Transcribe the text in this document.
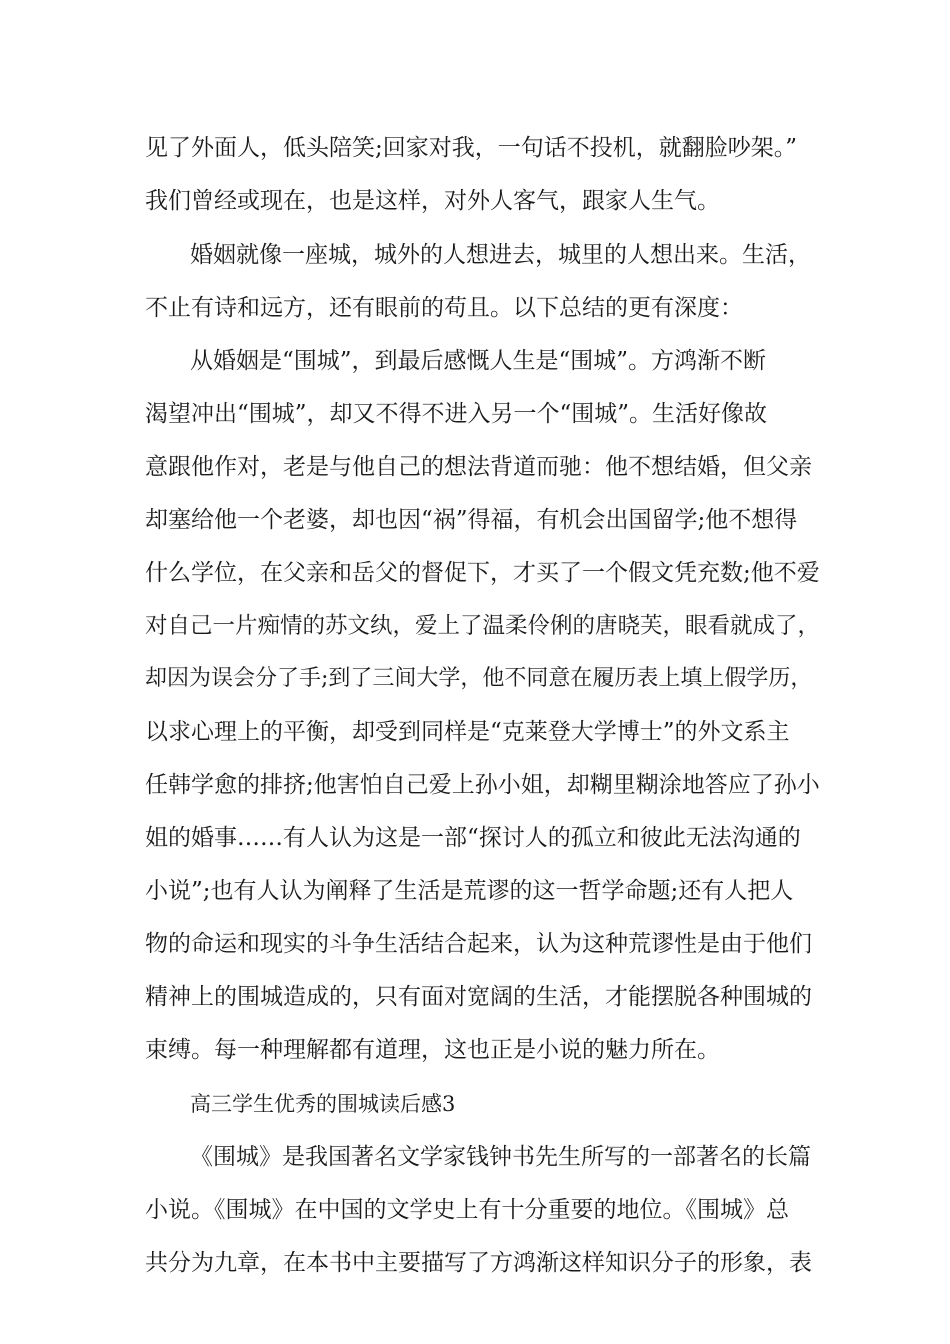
见了外面人，低头陪笑;回家对我，一句话不投机，就翻脸吵架。”
我们曾经或现在，也是这样，对外人客气，跟家人生气。
婚姻就像一座城，城外的人想进去，城里的人想出来。生活，
不止有诗和远方，还有眼前的苟且。以下总结的更有深度：
从婚姻是“围城”，到最后感慨人生是“围城”。方鸿渐不断
渴望冲出“围城”，却又不得不进入另一个“围城”。生活好像故
意跟他作对，老是与他自己的想法背道而驰：他不想结婚，但父亲
却塞给他一个老婆，却也因“祸”得福，有机会出国留学;他不想得
什么学位，在父亲和岳父的督促下，才买了一个假文凭充数;他不爱
对自己一片痴情的苏文纨，爱上了温柔伶俐的唐晓芙，眼看就成了，
却因为误会分了手;到了三间大学，他不同意在履历表上填上假学历，
以求心理上的平衡，却受到同样是“克莱登大学博士”的外文系主
任韩学愈的排挤;他害怕自己爱上孙小姐，却糊里糊涂地答应了孙小
姐的婚事……有人认为这是一部“探讨人的孤立和彼此无法沟通的
小说”;也有人认为阐释了生活是荒谬的这一哲学命题;还有人把人
物的命运和现实的斗争生活结合起来，认为这种荒谬性是由于他们
精神上的围城造成的，只有面对宽阔的生活，才能摆脱各种围城的
束缚。每一种理解都有道理，这也正是小说的魅力所在。
高三学生优秀的围城读后感3
《围城》是我国著名文学家钱钟书先生所写的一部著名的长篇
小说。《围城》在中国的文学史上有十分重要的地位。《围城》总
共分为九章，在本书中主要描写了方鸿渐这样知识分子的形象，表
